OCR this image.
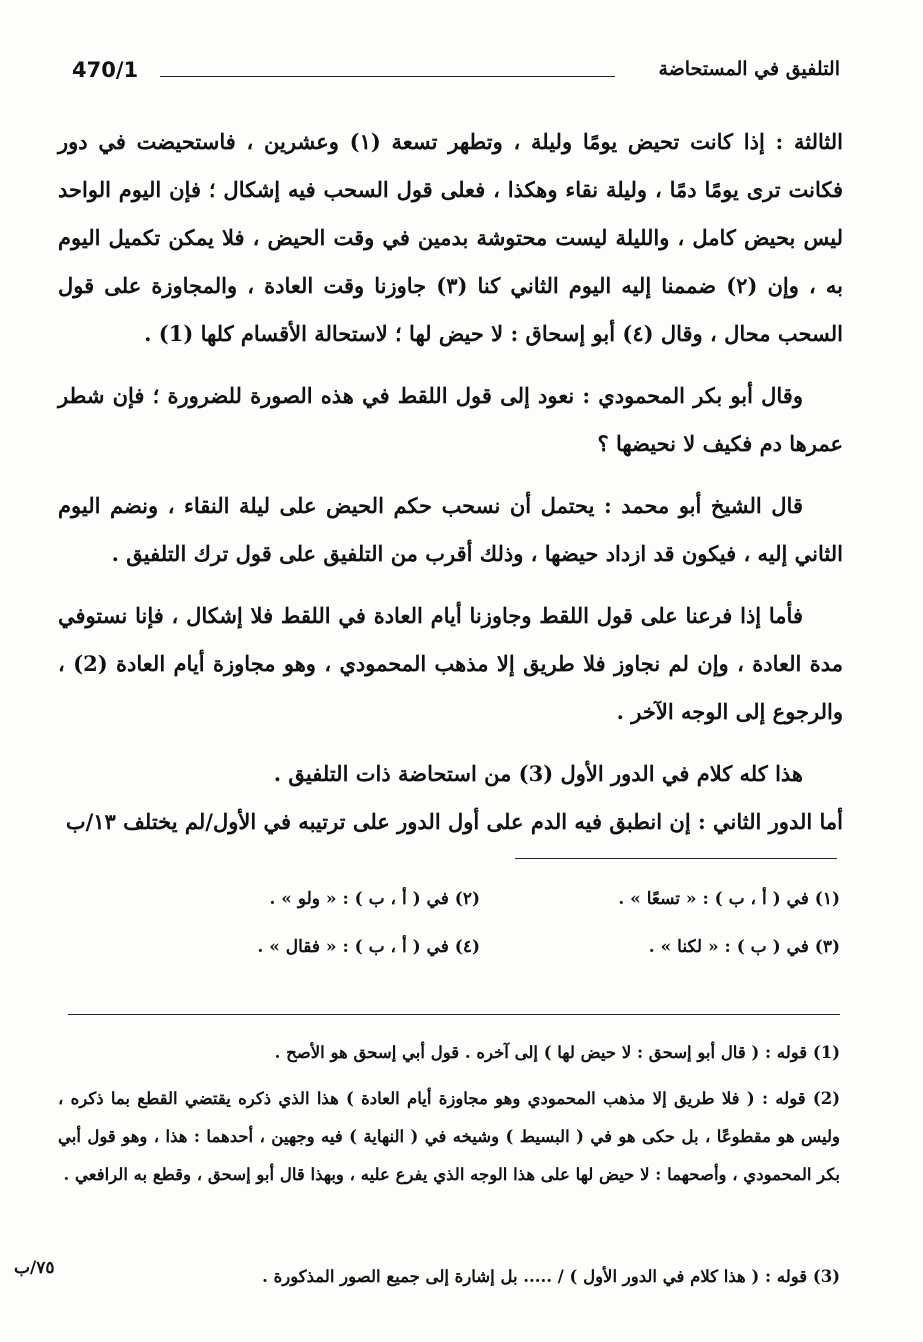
470/1	التلفيق في المستحاضة

الثالثة : إذا كانت تحيض يومًا وليلة ، وتطهر تسعة (١) وعشرين ، فاستحيضت في دور فكانت ترى يومًا دمًا ، وليلة نقاء وهكذا ، فعلى قول السحب فيه إشكال ؛ فإن اليوم الواحد ليس بحيض كامل ، والليلة ليست محتوشة بدمين في وقت الحيض ، فلا يمكن تكميل اليوم به ، وإن (٢) ضممنا إليه اليوم الثاني كنا (٣) جاوزنا وقت العادة ، والمجاوزة على قول السحب محال ، وقال (٤) أبو إسحاق : لا حيض لها ؛ لاستحالة الأقسام كلها (1) .

وقال أبو بكر المحمودي : نعود إلى قول اللقط في هذه الصورة للضرورة ؛ فإن شطر عمرها دم فكيف لا نحيضها ؟

قال الشيخ أبو محمد : يحتمل أن نسحب حكم الحيض على ليلة النقاء ، ونضم اليوم الثاني إليه ، فيكون قد ازداد حيضها ، وذلك أقرب من التلفيق على قول ترك التلفيق .

فأما إذا فرعنا على قول اللقط وجاوزنا أيام العادة في اللقط فلا إشكال ، فإنا نستوفي مدة العادة ، وإن لم نجاوز فلا طريق إلا مذهب المحمودي ، وهو مجاوزة أيام العادة (2) ، والرجوع إلى الوجه الآخر .

هذا كله كلام في الدور الأول (3) من استحاضة ذات التلفيق .

أما الدور الثاني : إن انطبق فيه الدم على أول الدور على ترتيبه في الأول/لم يختلف ١٣/ب
(١) في ( أ ، ب ) : « تسعًا » .
(٢) في ( أ ، ب ) : « ولو » .
(٣) في ( ب ) : « لكنا » .
(٤) في ( أ ، ب ) : « فقال » .

(1) قوله : ( قال أبو إسحق : لا حيض لها ) إلى آخره . قول أبي إسحق هو الأصح .

(2) قوله : ( فلا طريق إلا مذهب المحمودي وهو مجاوزة أيام العادة ) هذا الذي ذكره يقتضي القطع بما ذكره ، وليس هو مقطوعًا ، بل حكى هو في ( البسيط ) وشيخه في ( النهاية ) فيه وجهين ، أحدهما : هذا ، وهو قول أبي بكر المحمودي ، وأصحهما : لا حيض لها على هذا الوجه الذي يفرع عليه ، وبهذا قال أبو إسحق ، وقطع به الرافعي .

(3) قوله : ( هذا كلام في الدور الأول ) / ..... بل إشارة إلى جميع الصور المذكورة .
٧٥/ب
